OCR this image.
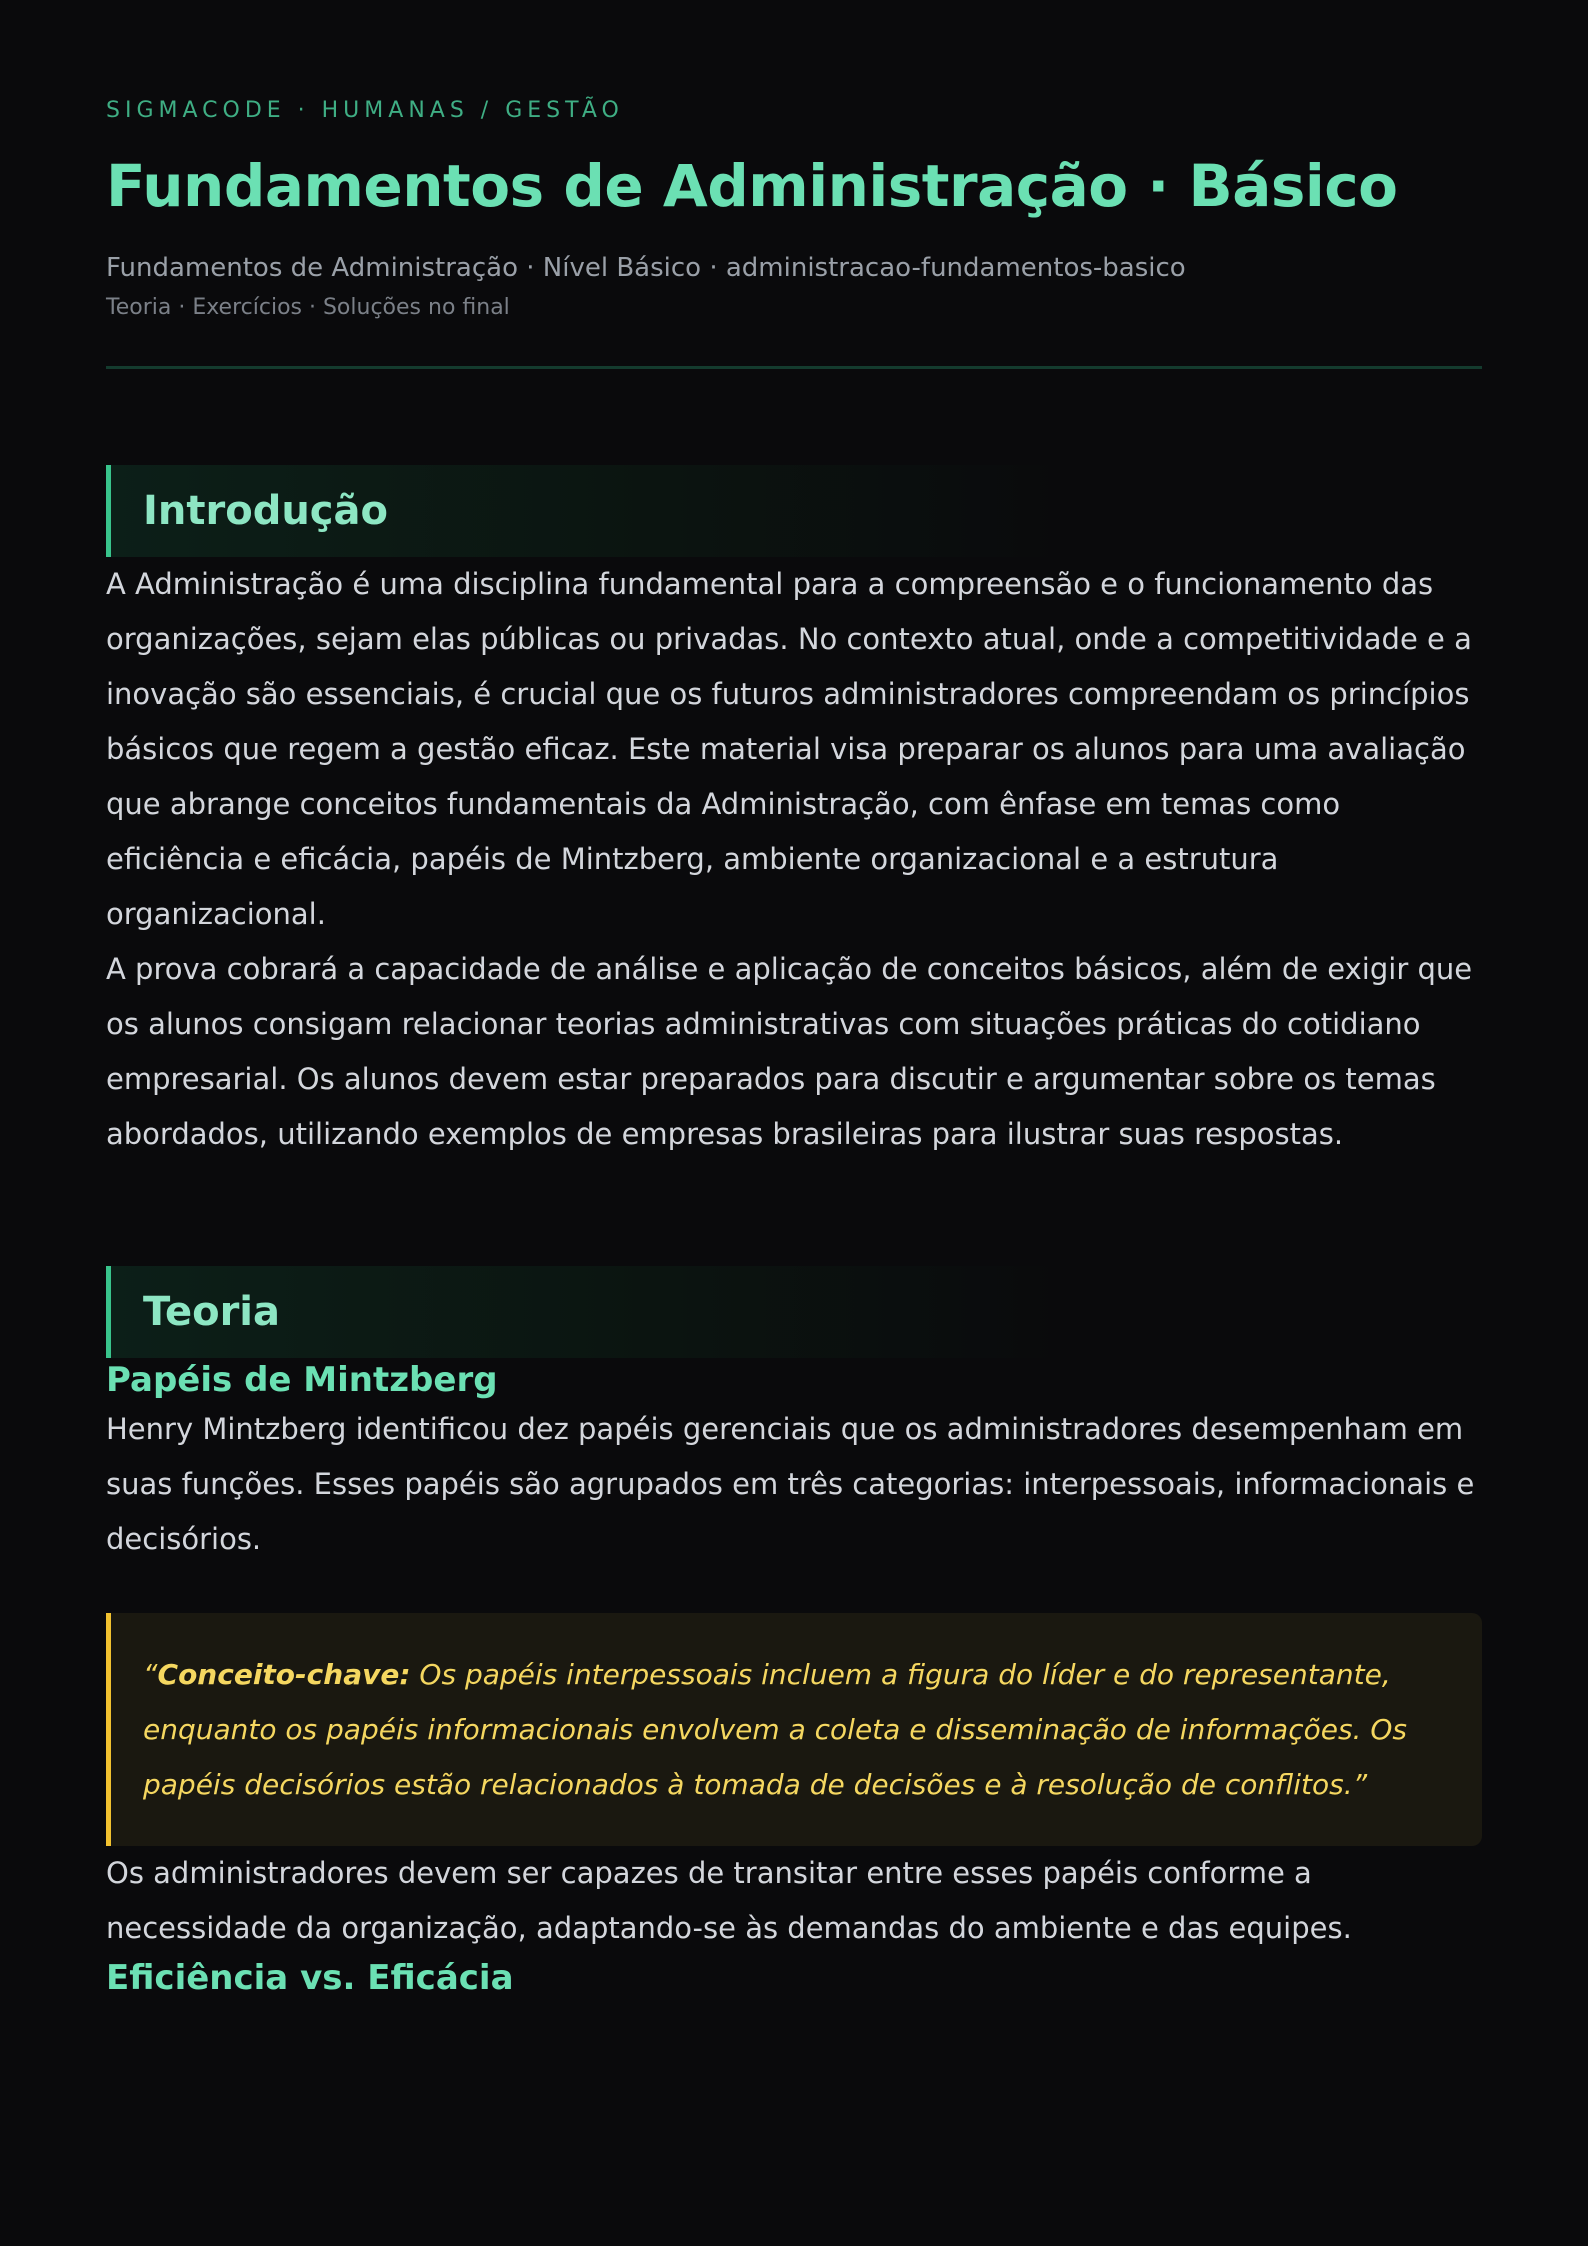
SIGMACODE · HUMANAS / GESTÃO
Fundamentos de Administração · Básico
Fundamentos de Administração · Nível Básico · administracao-fundamentos-basico
Teoria · Exercícios · Soluções no final
Introdução

A Administração é uma disciplina fundamental para a compreensão e o funcionamento das organizações, sejam elas públicas ou privadas. No contexto atual, onde a competitividade e a inovação são essenciais, é crucial que os futuros administradores compreendam os princípios básicos que regem a gestão eficaz. Este material visa preparar os alunos para uma avaliação que abrange conceitos fundamentais da Administração, com ênfase em temas como eficiência e eficácia, papéis de Mintzberg, ambiente organizacional e a estrutura organizacional.

A prova cobrará a capacidade de análise e aplicação de conceitos básicos, além de exigir que os alunos consigam relacionar teorias administrativas com situações práticas do cotidiano empresarial. Os alunos devem estar preparados para discutir e argumentar sobre os temas abordados, utilizando exemplos de empresas brasileiras para ilustrar suas respostas.

Teoria
Papéis de Mintzberg

Henry Mintzberg identificou dez papéis gerenciais que os administradores desempenham em suas funções. Esses papéis são agrupados em três categorias: interpessoais, informacionais e decisórios.

“Conceito-chave: Os papéis interpessoais incluem a figura do líder e do representante, enquanto os papéis informacionais envolvem a coleta e disseminação de informações. Os papéis decisórios estão relacionados à tomada de decisões e à resolução de conflitos.”

Os administradores devem ser capazes de transitar entre esses papéis conforme a necessidade da organização, adaptando-se às demandas do ambiente e das equipes.

Eficiência vs. Eficácia
